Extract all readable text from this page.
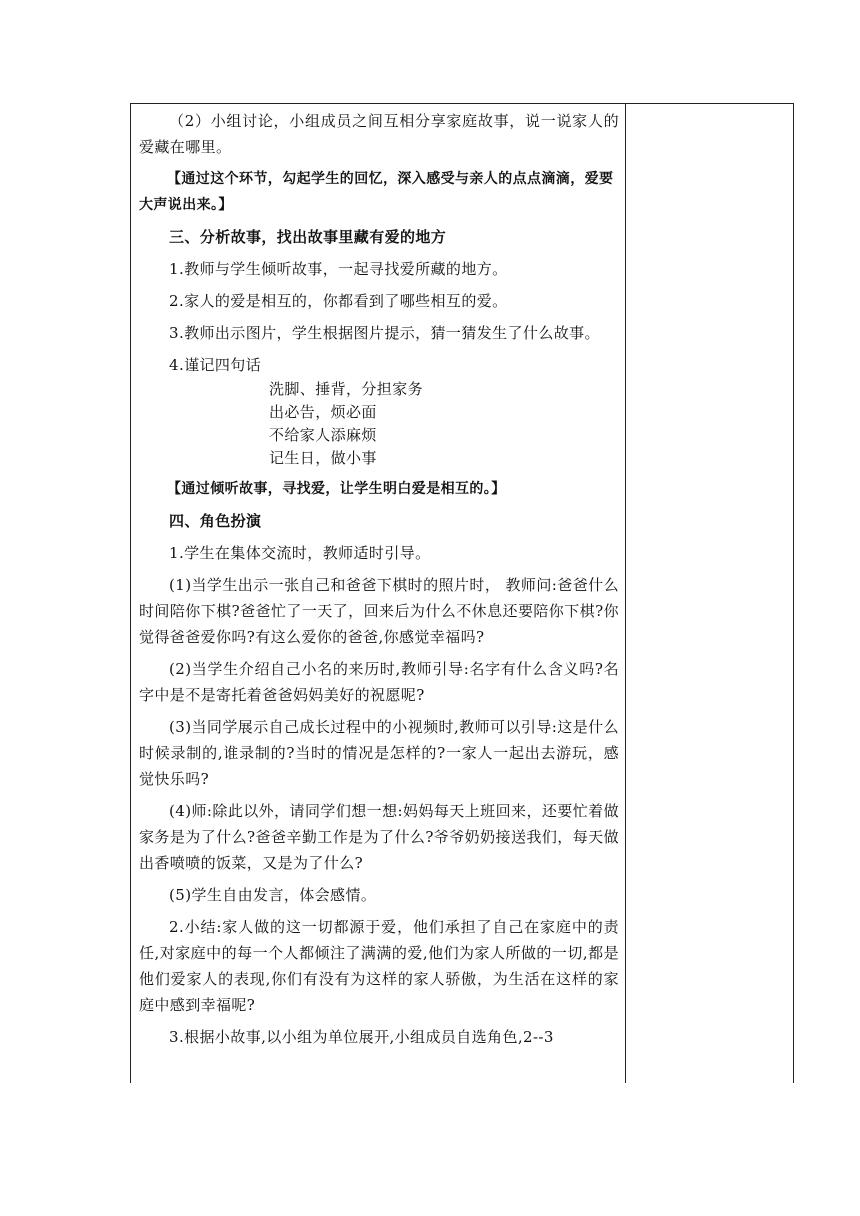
（2）小组讨论，小组成员之间互相分享家庭故事，说一说家人的爱藏在哪里。

【通过这个环节，勾起学生的回忆，深入感受与亲人的点点滴滴，爱要大声说出来。】

三、分析故事，找出故事里藏有爱的地方

1.教师与学生倾听故事，一起寻找爱所藏的地方。

2.家人的爱是相互的，你都看到了哪些相互的爱。

3.教师出示图片，学生根据图片提示，猜一猜发生了什么故事。

4.谨记四句话

洗脚、捶背，分担家务

出必告，烦必面

不给家人添麻烦

记生日，做小事

【通过倾听故事，寻找爱，让学生明白爱是相互的。】

四、角色扮演

1.学生在集体交流时，教师适时引导。

(1)当学生出示一张自己和爸爸下棋时的照片时， 教师问:爸爸什么时间陪你下棋?爸爸忙了一天了，回来后为什么不休息还要陪你下棋?你觉得爸爸爱你吗?有这么爱你的爸爸,你感觉幸福吗?

(2)当学生介绍自己小名的来历时,教师引导:名字有什么含义吗?名字中是不是寄托着爸爸妈妈美好的祝愿呢?

(3)当同学展示自己成长过程中的小视频时,教师可以引导:这是什么时候录制的,谁录制的?当时的情况是怎样的?一家人一起出去游玩，感觉快乐吗?

(4)师:除此以外，请同学们想一想:妈妈每天上班回来，还要忙着做家务是为了什么?爸爸辛勤工作是为了什么?爷爷奶奶接送我们，每天做出香喷喷的饭菜，又是为了什么?

(5)学生自由发言，体会感情。

2.小结:家人做的这一切都源于爱，他们承担了自己在家庭中的责任,对家庭中的每一个人都倾注了满满的爱,他们为家人所做的一切,都是他们爱家人的表现,你们有没有为这样的家人骄傲，为生活在这样的家庭中感到幸福呢?

3.根据小故事,以小组为单位展开,小组成员自选角色,2--3
